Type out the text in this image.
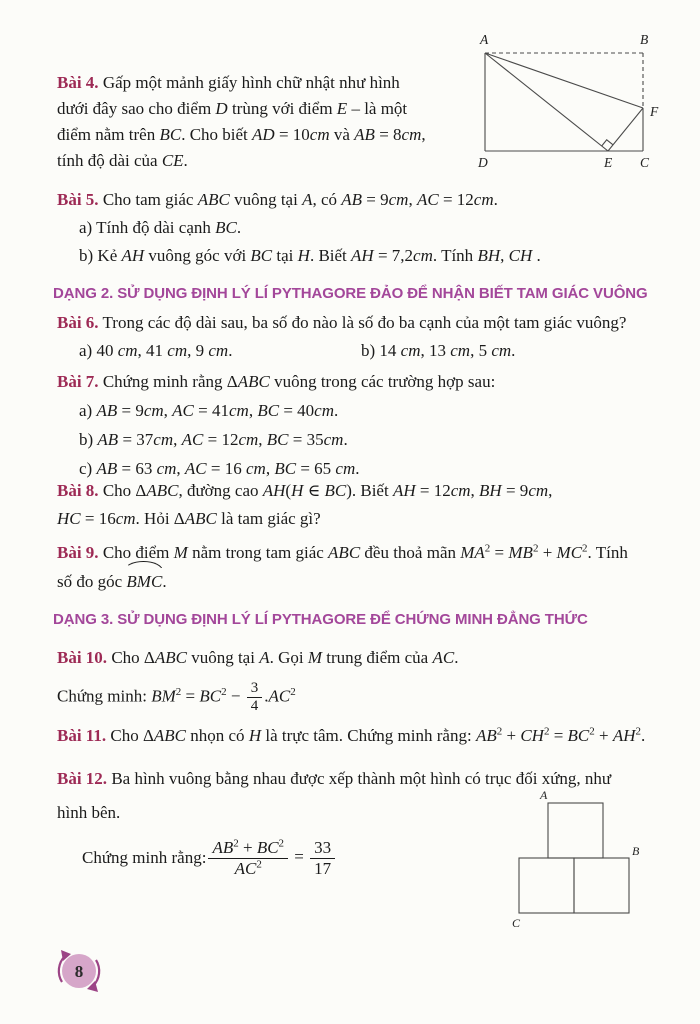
Bài 4. Gấp một mảnh giấy hình chữ nhật như hình
dưới đây sao cho điểm D trùng với điểm E – là một
điểm nằm trên BC. Cho biết AD = 10cm và AB = 8cm,
tính độ dài của CE.
A	B
F
D	E C
Bài 5. Cho tam giác ABC vuông tại A, có AB = 9cm, AC = 12cm.
a) Tính độ dài cạnh BC.
b) Kẻ AH vuông góc với BC tại H. Biết AH = 7,2cm. Tính BH, CH .
DẠNG 2. SỬ DỤNG ĐỊNH LÝ LÍ PYTHAGORE ĐẢO ĐỂ NHẬN BIẾT TAM GIÁC VUÔNG
Bài 6. Trong các độ dài sau, ba số đo nào là số đo ba cạnh của một tam giác vuông?
a) 40 cm, 41 cm, 9 cm.	b) 14 cm, 13 cm, 5 cm.
Bài 7. Chứng minh rằng ΔABC vuông trong các trường hợp sau:
a) AB = 9cm, AC = 41cm, BC = 40cm.
b) AB = 37cm, AC = 12cm, BC = 35cm.
c) AB = 63 cm, AC = 16 cm, BC = 65 cm.
Bài 8. Cho ΔABC, đường cao AH(H ∈ BC). Biết AH = 12cm, BH = 9cm,
HC = 16cm. Hỏi ΔABC là tam giác gì?
Bài 9. Cho điểm M nằm trong tam giác ABC đều thoả mãn $MA^2 = MB^2 + MC^2$. Tính
số đo góc BMC.
DẠNG 3. SỬ DỤNG ĐỊNH LÝ LÍ PYTHAGORE ĐỂ CHỨNG MINH ĐẲNG THỨC
Bài 10. Cho ΔABC vuông tại A. Gọi M trung điểm của AC.
Chứng minh: $BM^2 = BC^2 - \frac{3}{4} .AC^2$
Bài 11. Cho ΔABC nhọn có H là trực tâm. Chứng minh rằng: $AB^2 + CH^2 = BC^2 + AH^2$.
Bài 12. Ba hình vuông bằng nhau được xếp thành một hình có trục đối xứng, như
hình bên.
Chứng minh rằng: $\frac{AB^2 + BC^2}{AC^2} = \frac{33}{17}$
A
B
C
8
